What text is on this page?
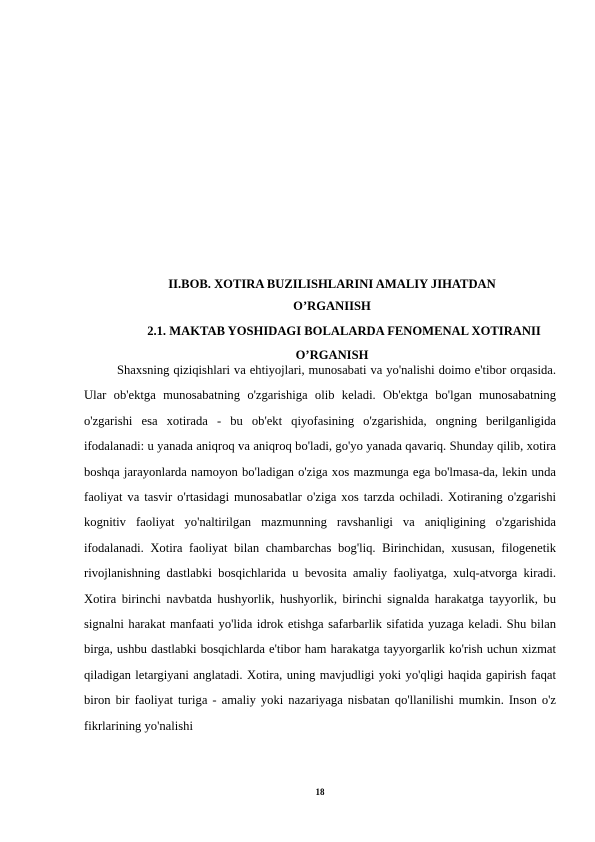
II.BOB. XOTIRA BUZILISHLARINI AMALIY JIHATDAN
O’RGANIISH
2.1. MAKTAB YOSHIDAGI BOLALARDA FENOMENAL XOTIRANII
O’RGANISH

Shaxsning qiziqishlari va ehtiyojlari, munosabati va yo'nalishi doimo e'tibor orqasida. Ular ob'ektga munosabatning o'zgarishiga olib keladi. Ob'ektga bo'lgan munosabatning o'zgarishi esa xotirada - bu ob'ekt qiyofasining o'zgarishida, ongning berilganligida ifodalanadi: u yanada aniqroq va aniqroq bo'ladi, go'yo yanada qavariq. Shunday qilib, xotira boshqa jarayonlarda namoyon bo'ladigan o'ziga xos mazmunga ega bo'lmasa-da, lekin unda faoliyat va tasvir o'rtasidagi munosabatlar o'ziga xos tarzda ochiladi. Xotiraning o'zgarishi kognitiv faoliyat yo'naltirilgan mazmunning ravshanligi va aniqligining o'zgarishida ifodalanadi. Xotira faoliyat bilan chambarchas bog'liq. Birinchidan, xususan, filogenetik rivojlanishning dastlabki bosqichlarida u bevosita amaliy faoliyatga, xulq-atvorga kiradi. Xotira birinchi navbatda hushyorlik, hushyorlik, birinchi signalda harakatga tayyorlik, bu signalni harakat manfaati yo'lida idrok etishga safarbarlik sifatida yuzaga keladi. Shu bilan birga, ushbu dastlabki bosqichlarda e'tibor ham harakatga tayyorgarlik ko'rish uchun xizmat qiladigan letargiyani anglatadi. Xotira, uning mavjudligi yoki yo'qligi haqida gapirish faqat biron bir faoliyat turiga - amaliy yoki nazariyaga nisbatan qo'llanilishi mumkin. Inson o'z fikrlarining yo'nalishi

18
